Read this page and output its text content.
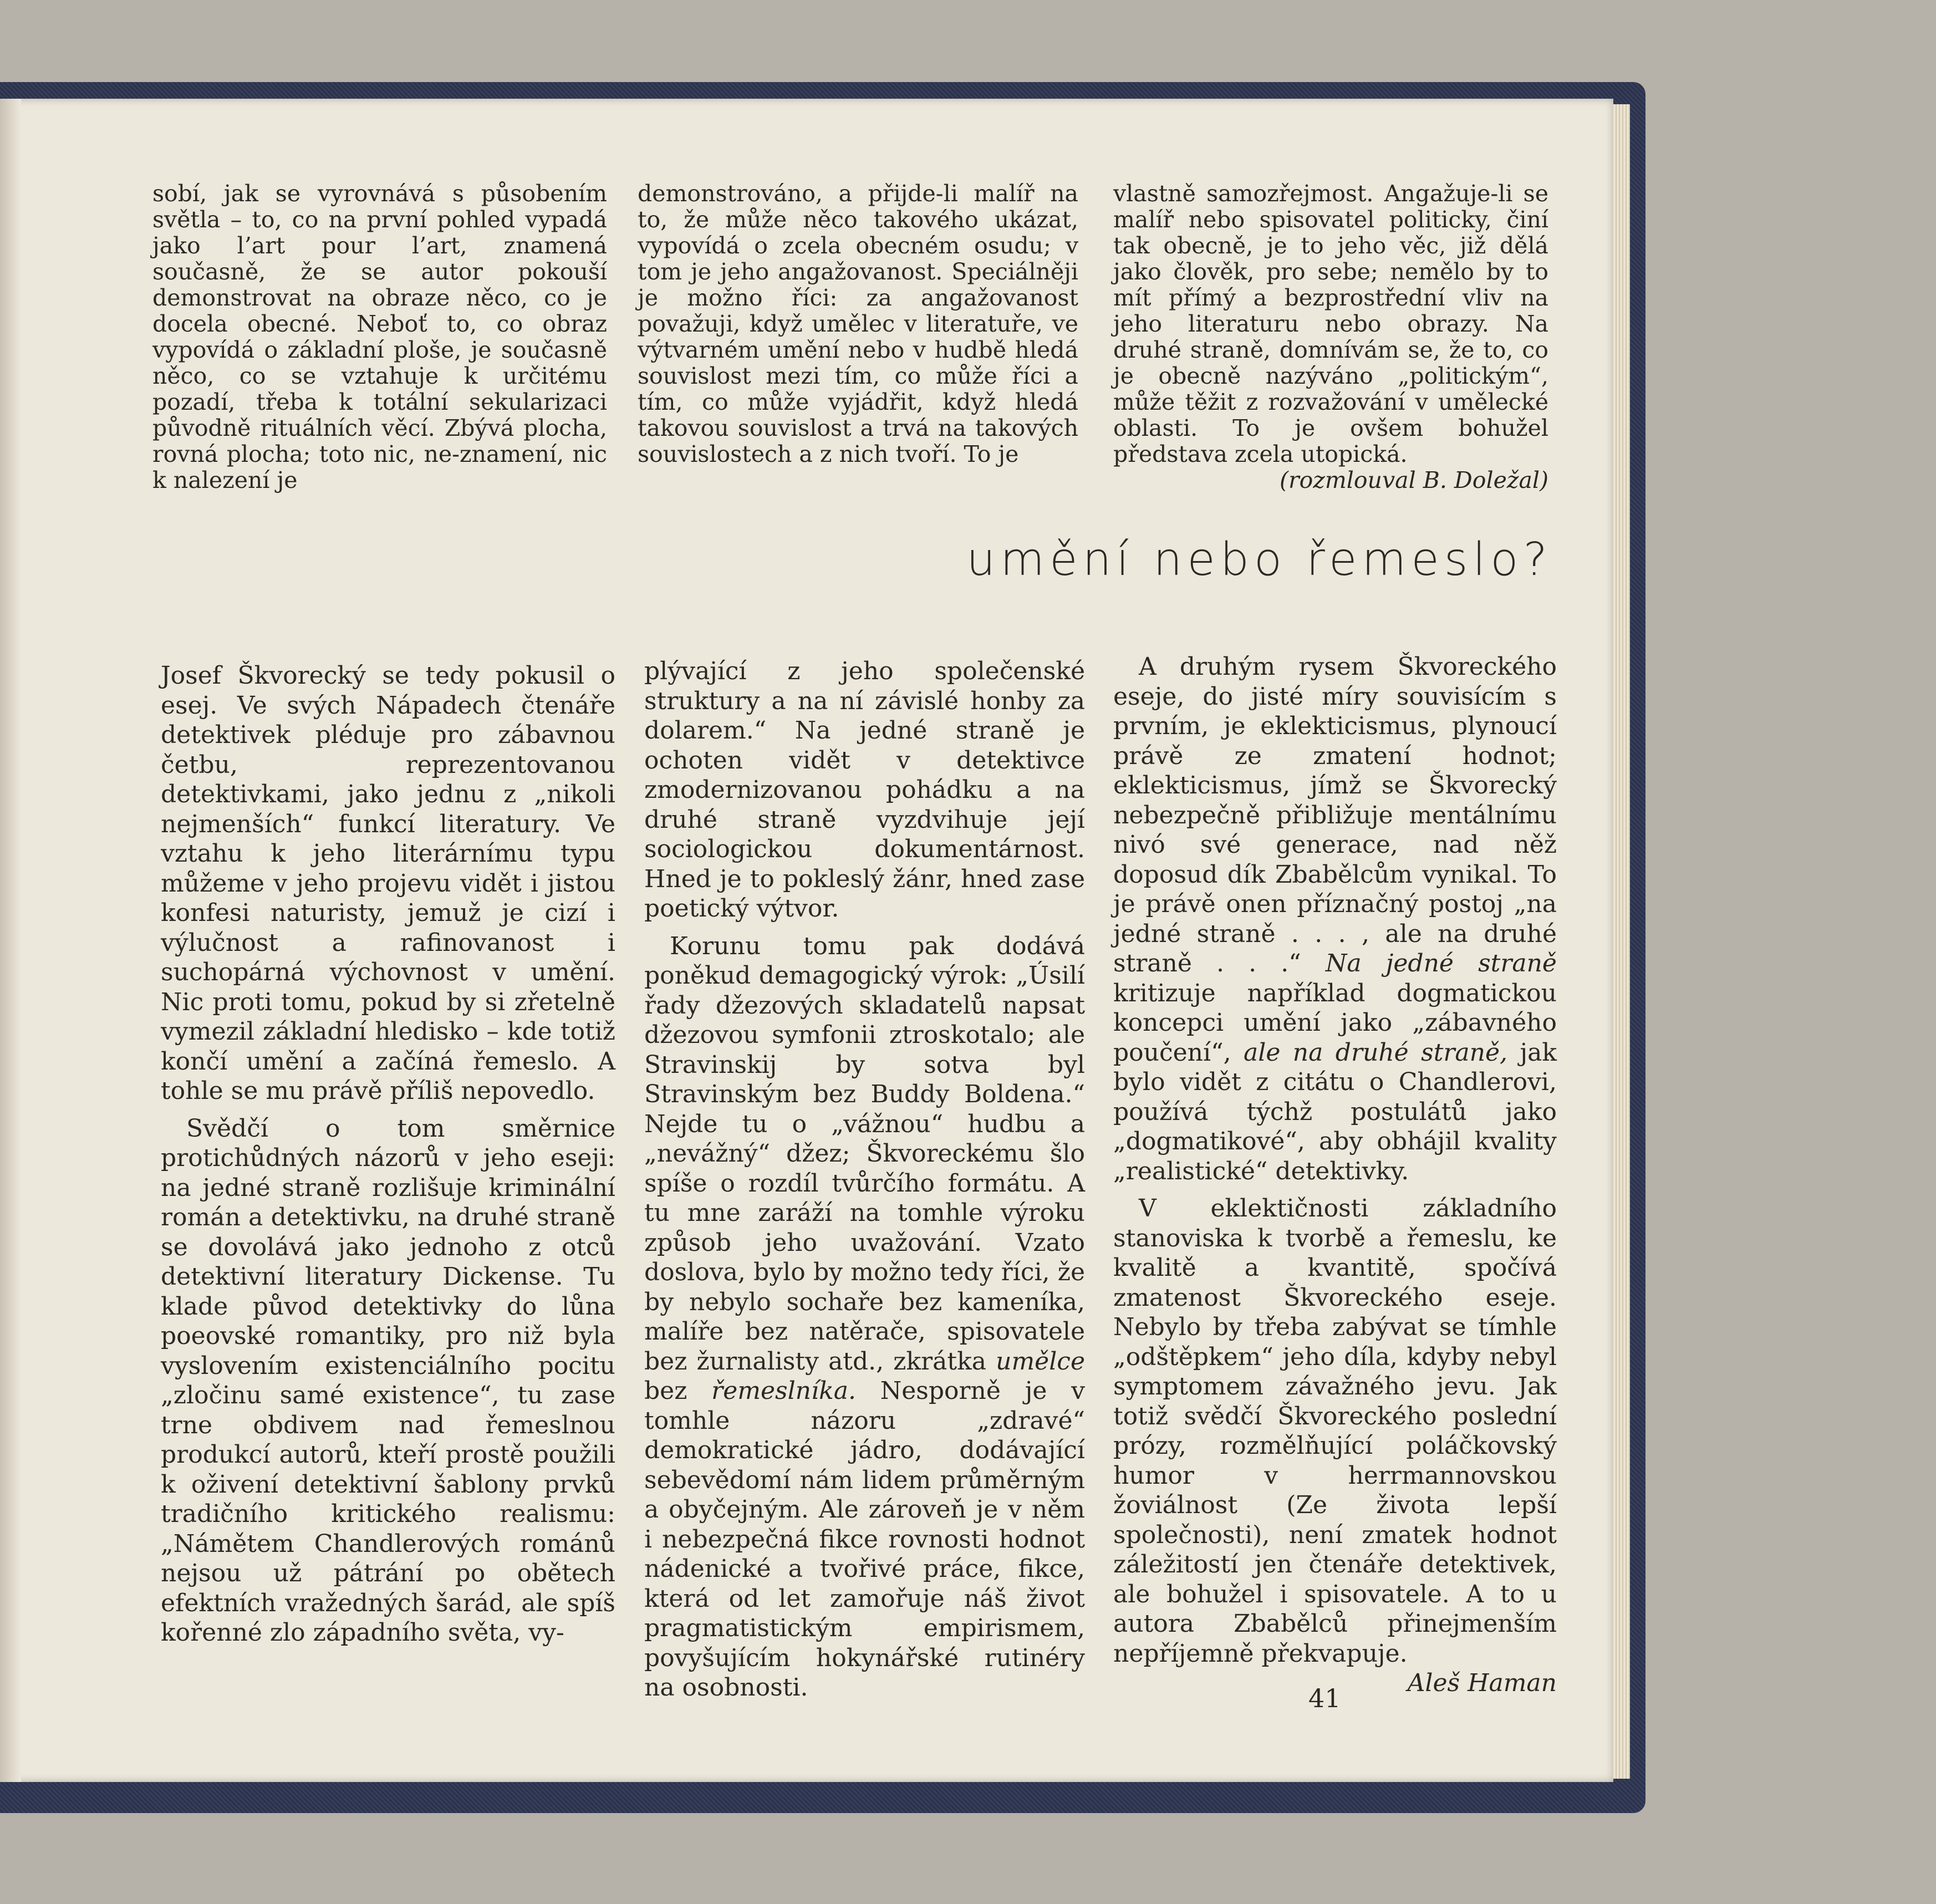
sobí, jak se vyrovnává s působením světla – to, co na první pohled vypadá jako l’art pour l’art, znamená současně, že se autor pokouší demonstrovat na obraze něco, co je docela obecné. Neboť to, co obraz vypovídá o základní ploše, je současně něco, co se vztahuje k určitému pozadí, třeba k totální sekularizaci původně rituálních věcí. Zbývá plocha, rovná plocha; toto nic, ne-znamení, nic k nalezení je

demonstrováno, a přijde-li malíř na to, že může něco takového ukázat, vypovídá o zcela obecném osudu; v tom je jeho angažovanost. Speciálněji je možno říci: za angažovanost považuji, když umělec v literatuře, ve výtvarném umění nebo v hudbě hledá souvislost mezi tím, co může říci a tím, co může vyjádřit, když hledá takovou souvislost a trvá na takových souvislostech a z nich tvoří. To je

vlastně samozřejmost. Angažuje-li se malíř nebo spisovatel politicky, činí tak obecně, je to jeho věc, již dělá jako člověk, pro sebe; nemělo by to mít přímý a bezprostřední vliv na jeho literaturu nebo obrazy. Na druhé straně, domnívám se, že to, co je obecně nazýváno „politickým“, může těžit z rozvažování v umělecké oblasti. To je ovšem bohužel představa zcela utopická.

(rozmlouval B. Doležal)
umění nebo řemeslo?

Josef Škvorecký se tedy pokusil o esej. Ve svých Nápadech čtenáře detektivek pléduje pro zábavnou četbu, reprezentovanou detektivkami, jako jednu z „nikoli nejmenších“ funkcí literatury. Ve vztahu k jeho literárnímu typu můžeme v jeho projevu vidět i jistou konfesi naturisty, jemuž je cizí i výlučnost a rafinovanost i suchopárná výchovnost v umění. Nic proti tomu, pokud by si zřetelně vymezil základní hledisko – kde totiž končí umění a začíná řemeslo. A tohle se mu právě příliš nepovedlo.

Svědčí o tom směrnice protichůdných názorů v jeho eseji: na jedné straně rozlišuje kriminální román a detektivku, na druhé straně se dovolává jako jednoho z otců detektivní literatury Dickense. Tu klade původ detektivky do lůna poeovské romantiky, pro niž byla vyslovením existenciálního pocitu „zločinu samé existence“, tu zase trne obdivem nad řemeslnou produkcí autorů, kteří prostě použili k oživení detektivní šablony prvků tradičního kritického realismu: „Námětem Chandlerových románů nejsou už pátrání po obětech efektních vražedných šarád, ale spíš kořenné zlo západního světa, vy-

plývající z jeho společenské struktury a na ní závislé honby za dolarem.“ Na jedné straně je ochoten vidět v detektivce zmodernizovanou pohádku a na druhé straně vyzdvihuje její sociologickou dokumentárnost. Hned je to pokleslý žánr, hned zase poetický výtvor.

Korunu tomu pak dodává poněkud demagogický výrok: „Úsilí řady džezových skladatelů napsat džezovou symfonii ztroskotalo; ale Stravinskij by sotva byl Stravinským bez Buddy Boldena.“ Nejde tu o „vážnou“ hudbu a „nevážný“ džez; Škvoreckému šlo spíše o rozdíl tvůrčího formátu. A tu mne zaráží na tomhle výroku způsob jeho uvažování. Vzato doslova, bylo by možno tedy říci, že by nebylo sochaře bez kameníka, malíře bez natěrače, spisovatele bez žurnalisty atd., zkrátka umělce bez řemeslníka. Nesporně je v tomhle názoru „zdravé“ demokratické jádro, dodávající sebevědomí nám lidem průměrným a obyčejným. Ale zároveň je v něm i nebezpečná fikce rovnosti hodnot nádenické a tvořivé práce, fikce, která od let zamořuje náš život pragmatistickým empirismem, povyšujícím hokynářské rutinéry na osobnosti.

A druhým rysem Škvoreckého eseje, do jisté míry souvisícím s prvním, je eklekticismus, plynoucí právě ze zmatení hodnot; eklekticismus, jímž se Škvorecký nebezpečně přibližuje mentálnímu nivó své generace, nad něž doposud dík Zbabělcům vynikal. To je právě onen příznačný postoj „na jedné straně . . . , ale na druhé straně . . .“ Na jedné straně kritizuje například dogmatickou koncepci umění jako „zábavného poučení“, ale na druhé straně, jak bylo vidět z citátu o Chandlerovi, používá týchž postulátů jako „dogmatikové“, aby obhájil kvality „realistické“ detektivky.

V eklektičnosti základního stanoviska k tvorbě a řemeslu, ke kvalitě a kvantitě, spočívá zmatenost Škvoreckého eseje. Nebylo by třeba zabývat se tímhle „odštěpkem“ jeho díla, kdyby nebyl symptomem závažného jevu. Jak totiž svědčí Škvoreckého poslední prózy, rozmělňující poláčkovský humor v herrmannovskou žoviálnost (Ze života lepší společnosti), není zmatek hodnot záležitostí jen čtenáře detektivek, ale bohužel i spisovatele. A to u autora Zbabělců přinejmenším nepříjemně překvapuje.

Aleš Haman
41
